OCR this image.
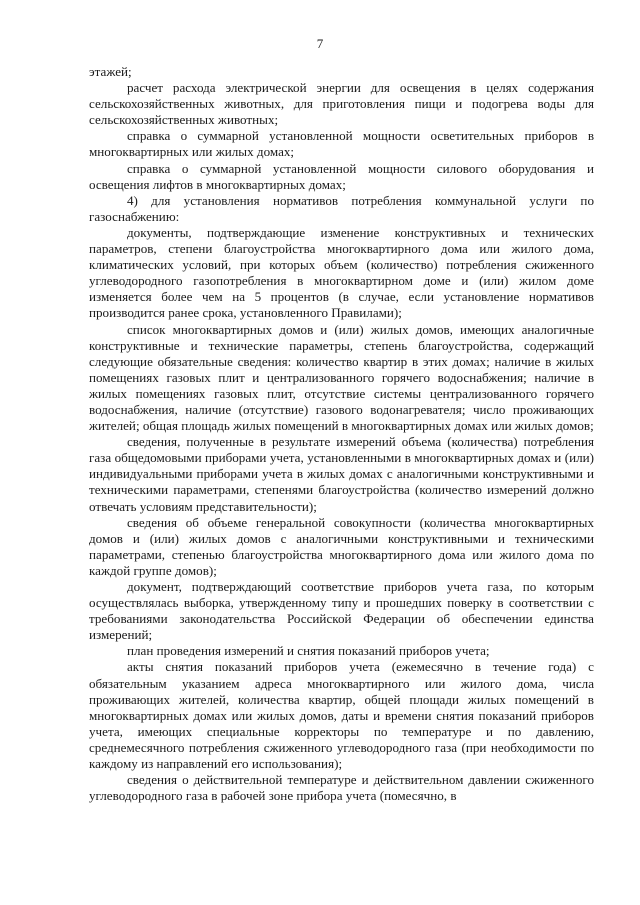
7

этажей;

расчет расхода электрической энергии для освещения в целях содержания сельскохозяйственных животных, для приготовления пищи и подогрева воды для сельскохозяйственных животных;

справка о суммарной установленной мощности осветительных приборов в многоквартирных или жилых домах;

справка о суммарной установленной мощности силового оборудования и освещения лифтов в многоквартирных домах;

4) для установления нормативов потребления коммунальной услуги по газоснабжению:

документы, подтверждающие изменение конструктивных и технических параметров, степени благоустройства многоквартирного дома или жилого дома, климатических условий, при которых объем (количество) потребления сжиженного углеводородного газопотребления в многоквартирном доме и (или) жилом доме изменяется более чем на 5 процентов (в случае, если установление нормативов производится ранее срока, установленного Правилами);

список многоквартирных домов и (или) жилых домов, имеющих аналогичные конструктивные и технические параметры, степень благоустройства, содержащий следующие обязательные сведения: количество квартир в этих домах; наличие в жилых помещениях газовых плит и централизованного горячего водоснабжения; наличие в жилых помещениях газовых плит, отсутствие системы централизованного горячего водоснабжения, наличие (отсутствие) газового водонагревателя; число проживающих жителей; общая площадь жилых помещений в многоквартирных домах или жилых домов;

сведения, полученные в результате измерений объема (количества) потребления газа общедомовыми приборами учета, установленными в многоквартирных домах и (или) индивидуальными приборами учета в жилых домах с аналогичными конструктивными и техническими параметрами, степенями благоустройства (количество измерений должно отвечать условиям представительности);

сведения об объеме генеральной совокупности (количества многоквартирных домов и (или) жилых домов с аналогичными конструктивными и техническими параметрами, степенью благоустройства многоквартирного дома или жилого дома по каждой группе домов);

документ, подтверждающий соответствие приборов учета газа, по которым осуществлялась выборка, утвержденному типу и прошедших поверку в соответствии с требованиями законодательства Российской Федерации об обеспечении единства измерений;

план проведения измерений и снятия показаний приборов учета;

акты снятия показаний приборов учета (ежемесячно в течение года) с обязательным указанием адреса многоквартирного или жилого дома, числа проживающих жителей, количества квартир, общей площади жилых помещений в многоквартирных домах или жилых домов, даты и времени снятия показаний приборов учета, имеющих специальные корректоры по температуре и по давлению, среднемесячного потребления сжиженного углеводородного газа (при необходимости по каждому из направлений его использования);

сведения о действительной температуре и действительном давлении сжиженного углеводородного газа в рабочей зоне прибора учета (помесячно, в
